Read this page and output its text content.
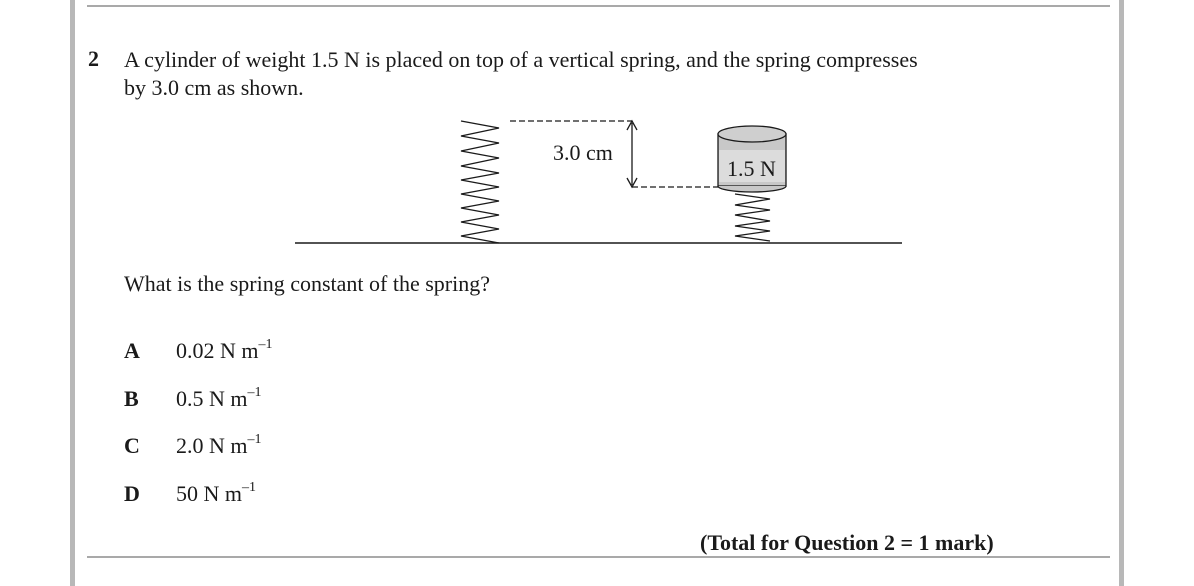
2 A cylinder of weight 1.5 N is placed on top of a vertical spring, and the spring compresses by 3.0 cm as shown.
3.0 cm
1.5 N
What is the spring constant of the spring?
A	0.02 N $m^{-1}$
B	0.5 N $m^{-1}$
C	2.0 N $m^{-1}$
D	50 N $m^{-1}$
(Total for Question 2 = 1 mark)
